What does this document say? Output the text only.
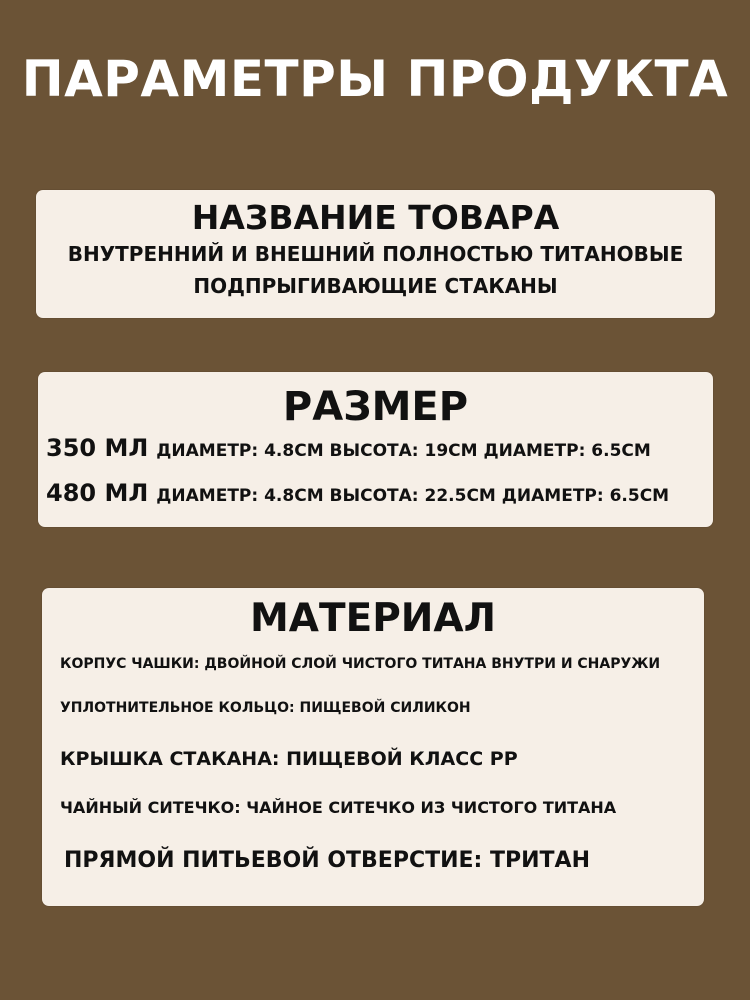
ПАРАМЕТРЫ ПРОДУКТА
НАЗВАНИЕ ТОВАРА
ВНУТРЕННИЙ И ВНЕШНИЙ ПОЛНОСТЬЮ ТИТАНОВЫЕ
ПОДПРЫГИВАЮЩИЕ СТАКАНЫ
РАЗМЕР
350 МЛ ДИАМЕТР: 4.8СМ ВЫСОТА: 19СМ ДИАМЕТР: 6.5СМ
480 МЛ ДИАМЕТР: 4.8СМ ВЫСОТА: 22.5СМ ДИАМЕТР: 6.5СМ
МАТЕРИАЛ
КОРПУС ЧАШКИ: ДВОЙНОЙ СЛОЙ ЧИСТОГО ТИТАНА ВНУТРИ И СНАРУЖИ
УПЛОТНИТЕЛЬНОЕ КОЛЬЦО: ПИЩЕВОЙ СИЛИКОН
КРЫШКА СТАКАНА: ПИЩЕВОЙ КЛАСС PP
ЧАЙНЫЙ СИТЕЧКО: ЧАЙНОЕ СИТЕЧКО ИЗ ЧИСТОГО ТИТАНА
ПРЯМОЙ ПИТЬЕВОЙ ОТВЕРСТИЕ: ТРИТАН
